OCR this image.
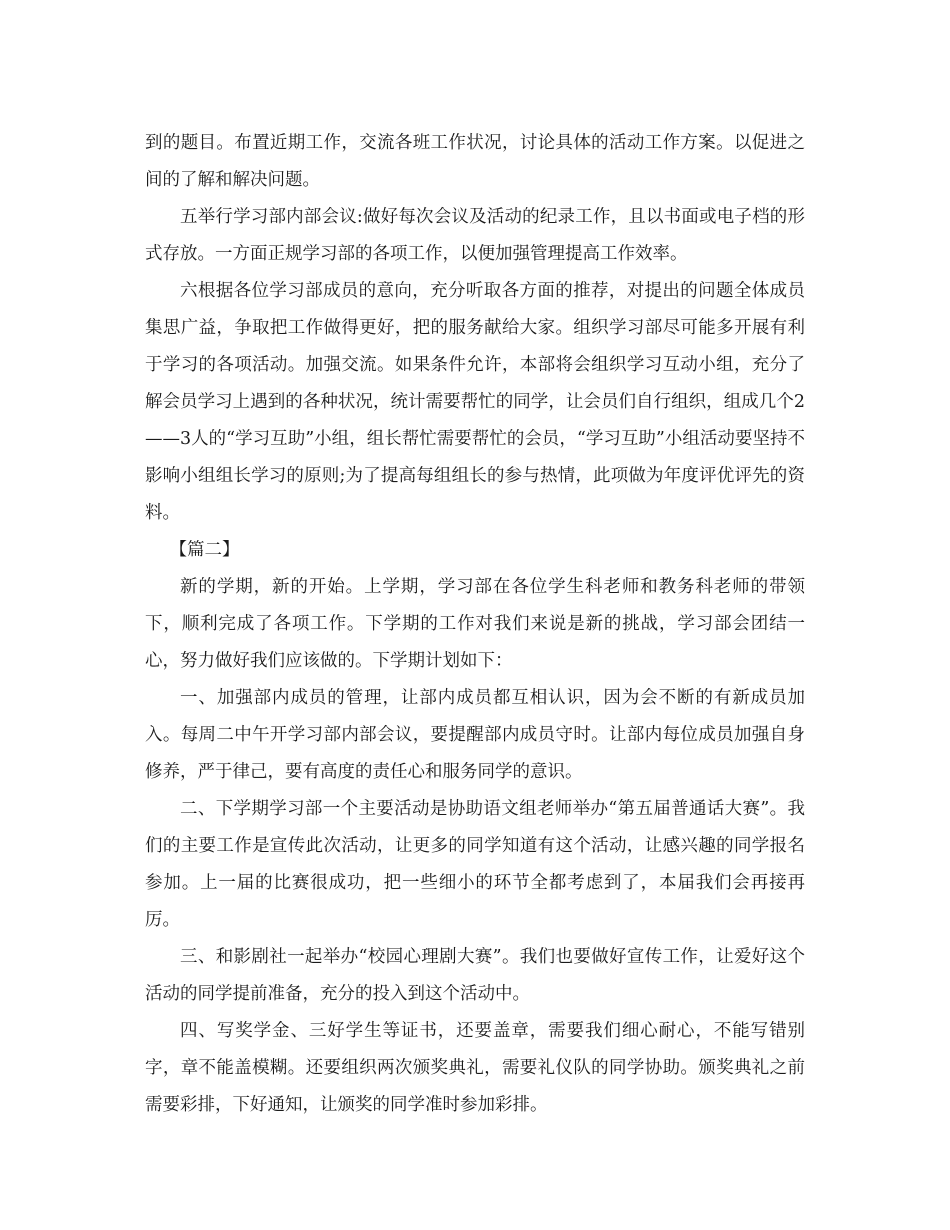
到的题目。布置近期工作，交流各班工作状况，讨论具体的活动工作方案。以促进之间的了解和解决问题。

五举行学习部内部会议:做好每次会议及活动的纪录工作，且以书面或电子档的形式存放。一方面正规学习部的各项工作，以便加强管理提高工作效率。

六根据各位学习部成员的意向，充分听取各方面的推荐，对提出的问题全体成员集思广益，争取把工作做得更好，把的服务献给大家。组织学习部尽可能多开展有利于学习的各项活动。加强交流。如果条件允许，本部将会组织学习互动小组，充分了解会员学习上遇到的各种状况，统计需要帮忙的同学，让会员们自行组织，组成几个2——3人的“学习互助”小组，组长帮忙需要帮忙的会员，“学习互助”小组活动要坚持不影响小组组长学习的原则;为了提高每组组长的参与热情，此项做为年度评优评先的资料。

【篇二】

新的学期，新的开始。上学期，学习部在各位学生科老师和教务科老师的带领下，顺利完成了各项工作。下学期的工作对我们来说是新的挑战，学习部会团结一心，努力做好我们应该做的。下学期计划如下：

一、加强部内成员的管理，让部内成员都互相认识，因为会不断的有新成员加入。每周二中午开学习部内部会议，要提醒部内成员守时。让部内每位成员加强自身修养，严于律己，要有高度的责任心和服务同学的意识。

二、下学期学习部一个主要活动是协助语文组老师举办“第五届普通话大赛”。我们的主要工作是宣传此次活动，让更多的同学知道有这个活动，让感兴趣的同学报名参加。上一届的比赛很成功，把一些细小的环节全都考虑到了，本届我们会再接再厉。

三、和影剧社一起举办“校园心理剧大赛”。我们也要做好宣传工作，让爱好这个活动的同学提前准备，充分的投入到这个活动中。

四、写奖学金、三好学生等证书，还要盖章，需要我们细心耐心，不能写错别字，章不能盖模糊。还要组织两次颁奖典礼，需要礼仪队的同学协助。颁奖典礼之前需要彩排，下好通知，让颁奖的同学准时参加彩排。
